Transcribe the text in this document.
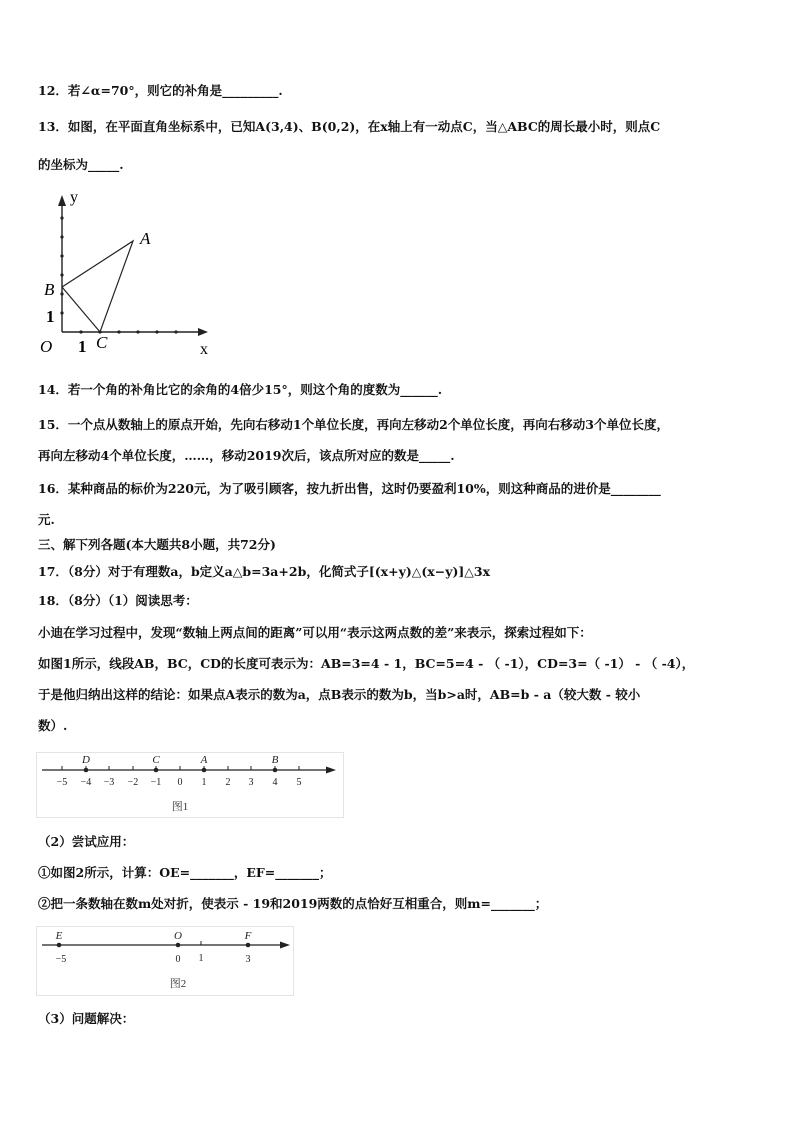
12．若∠α=70°，则它的补角是_________.
13．如图，在平面直角坐标系中，已知A(3,4)、B(0,2)，在x轴上有一动点C，当△ABC的周长最小时，则点C
的坐标为_____.
y
x
A
B
C
O 1
1
14．若一个角的补角比它的余角的4倍少15°，则这个角的度数为______.
15．一个点从数轴上的原点开始，先向右移动1个单位长度，再向左移动2个单位长度，再向右移动3个单位长度，
再向左移动4个单位长度，……，移动2019次后，该点所对应的数是_____.
16．某种商品的标价为220元，为了吸引顾客，按九折出售，这时仍要盈利10%，则这种商品的进价是________
元.
三、解下列各题(本大题共8小题，共72分)
17．（8分）对于有理数a，b定义a△b=3a+2b，化简式子[(x+y)△(x−y)]△3x
18．（8分）（1）阅读思考：
小迪在学习过程中，发现“数轴上两点间的距离”可以用“表示这两点数的差”来表示，探索过程如下：
如图1所示，线段AB，BC，CD的长度可表示为：AB=3=4 - 1，BC=5=4 - （ -1），CD=3=（ -1） - （ -4），
于是他归纳出这样的结论：如果点A表示的数为a，点B表示的数为b，当b>a时，AB=b - a（较大数 - 较小
数）.
−5 −4 −3 −2 −1 0 1 2 3 4 5
D	C	A	B
图1
（2）尝试应用：
①如图2所示，计算：OE=_______，EF=_______；
②把一条数轴在数m处对折，使表示 - 19和2019两数的点恰好互相重合，则m=_______；
E	O	F
−5	0 1	3
图2
（3）问题解决：
